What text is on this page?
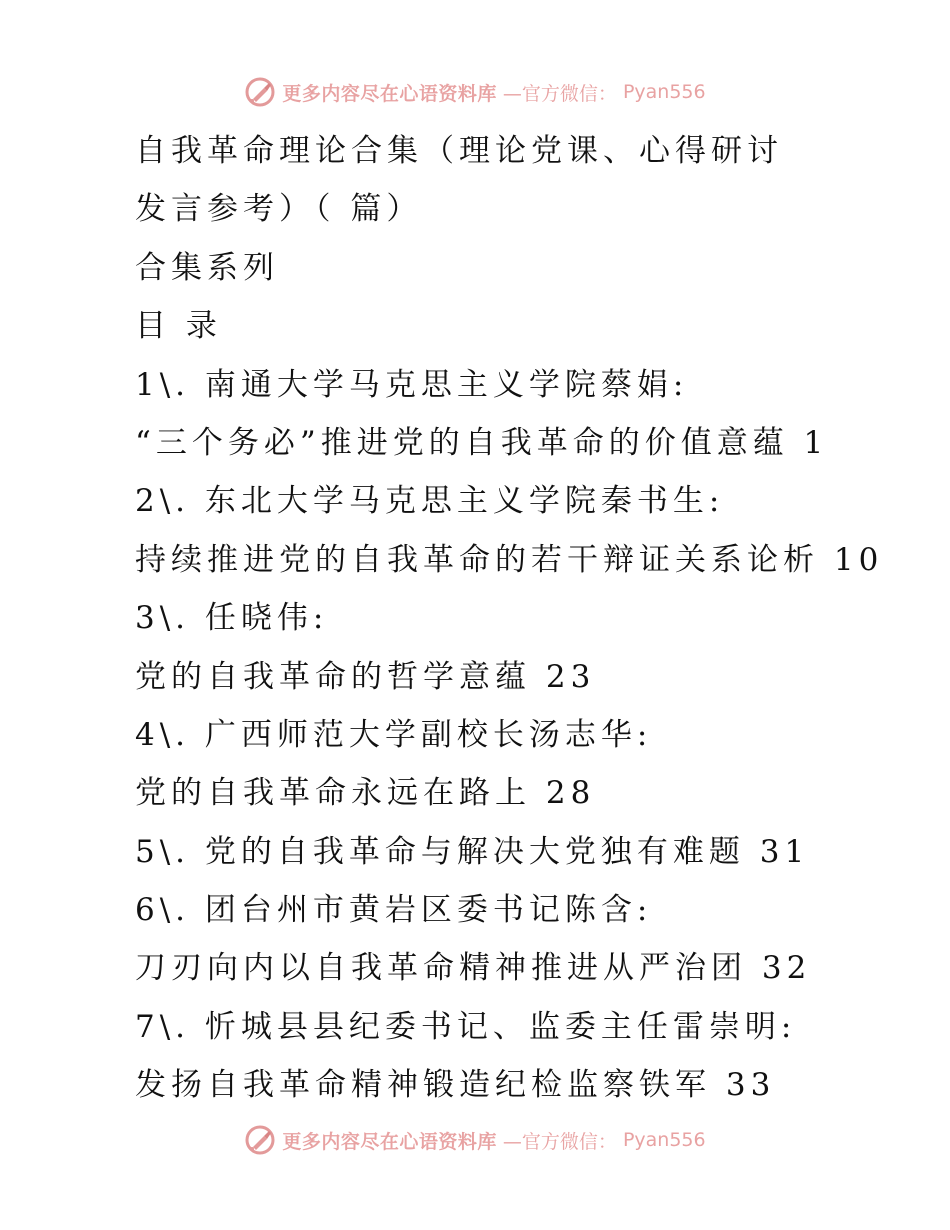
更多内容尽在心语资料库 —官方微信： Pyan556
自我革命理论合集（理论党课、心得研讨
发言参考）（ 篇）
合集系列
目 录
1\. 南通大学马克思主义学院蔡娟:
“三个务必”推进党的自我革命的价值意蕴 1
2\. 东北大学马克思主义学院秦书生:
持续推进党的自我革命的若干辩证关系论析 10
3\. 任晓伟:
党的自我革命的哲学意蕴 23
4\. 广西师范大学副校长汤志华:
党的自我革命永远在路上 28
5\. 党的自我革命与解决大党独有难题 31
6\. 团台州市黄岩区委书记陈含:
刀刃向内以自我革命精神推进从严治团 32
7\. 忻城县县纪委书记、监委主任雷崇明:
发扬自我革命精神锻造纪检监察铁军 33
更多内容尽在心语资料库 —官方微信： Pyan556
